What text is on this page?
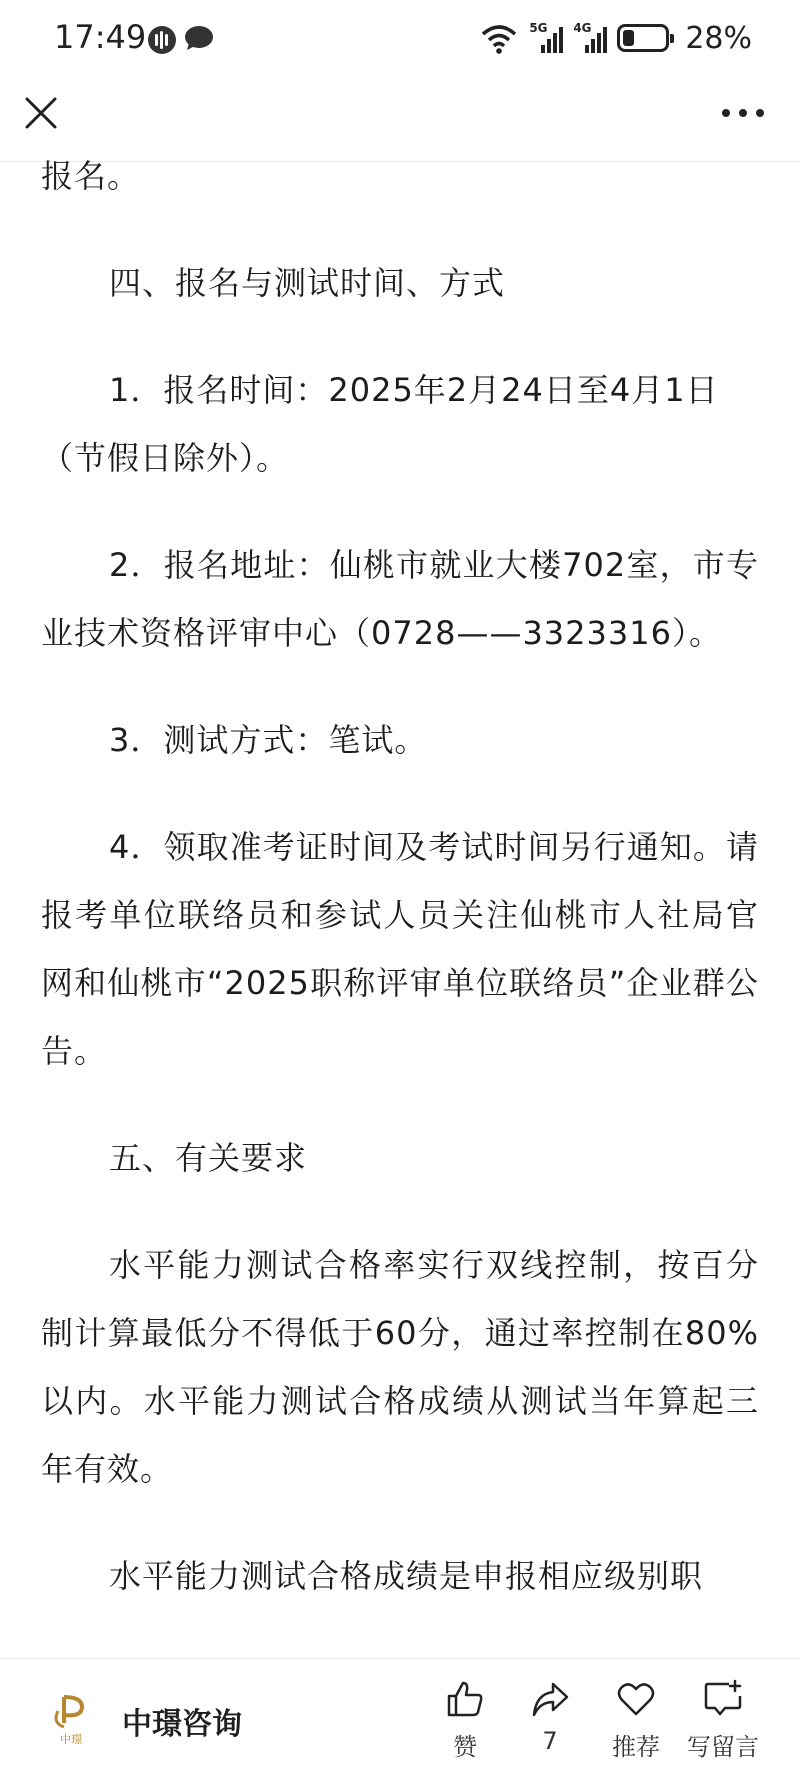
17:49	5G 4G	28%

报名。

四、报名与测试时间、方式

1．报名时间：2025年2月24日至4月1日（节假日除外）。

2．报名地址：仙桃市就业大楼702室，市专业技术资格评审中心（0728——3323316）。

3．测试方式：笔试。

4．领取准考证时间及考试时间另行通知。请报考单位联络员和参试人员关注仙桃市人社局官网和仙桃市“2025职称评审单位联络员”企业群公告。

五、有关要求

水平能力测试合格率实行双线控制，按百分制计算最低分不得低于60分，通过率控制在80%以内。水平能力测试合格成绩从测试当年算起三年有效。

水平能力测试合格成绩是申报相应级别职

中璟 中璟咨询
赞	7	推荐	写留言
